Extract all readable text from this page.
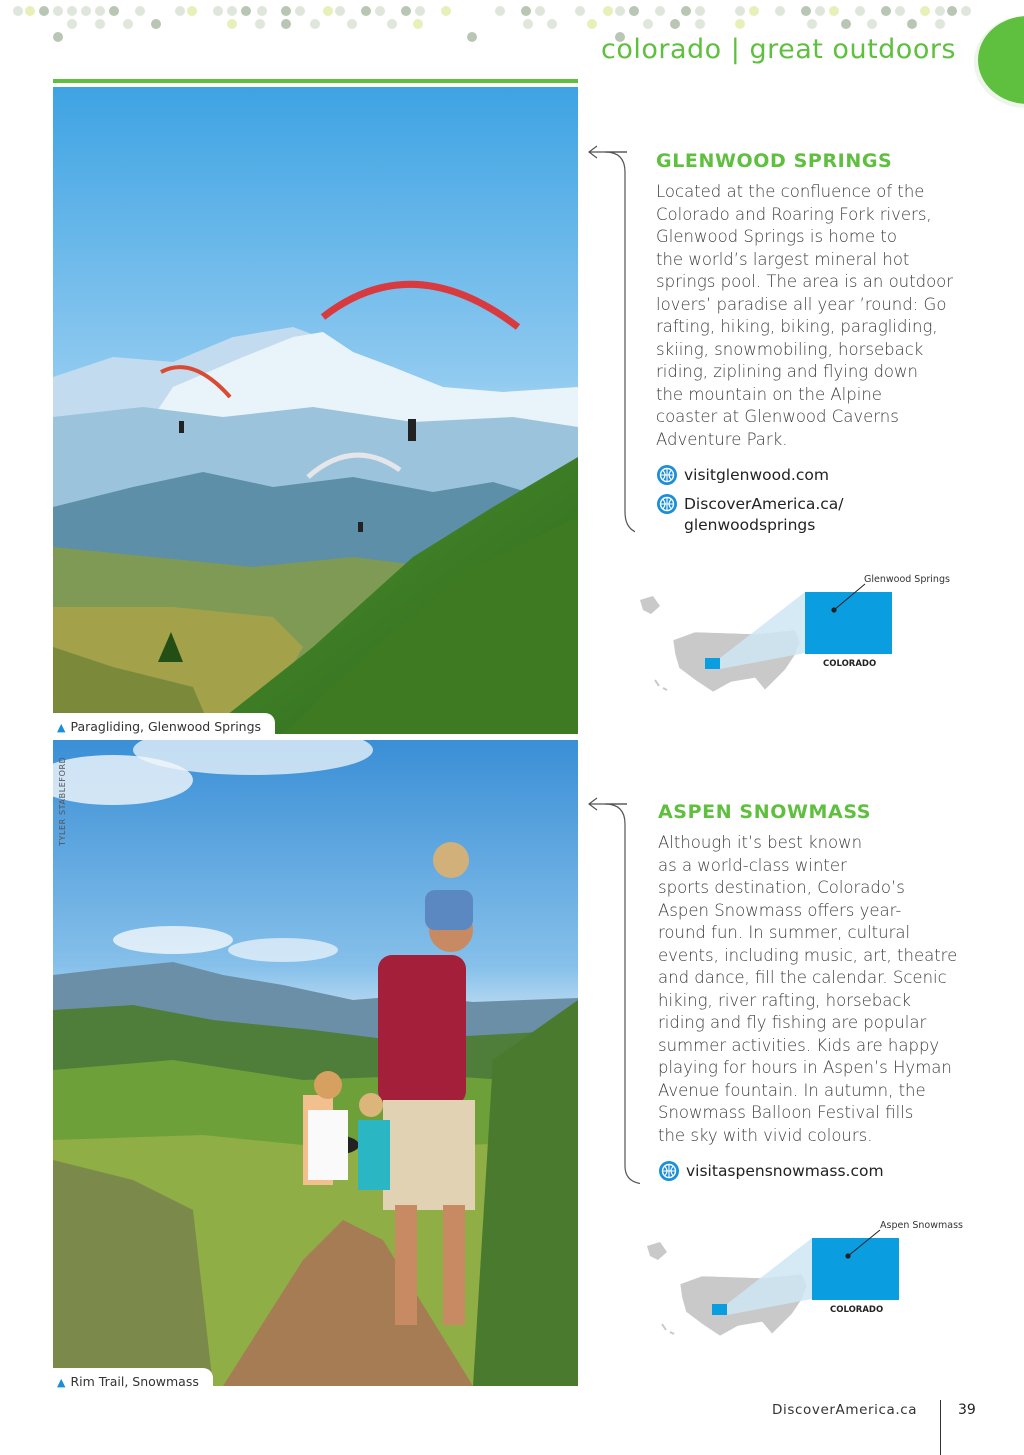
colorado | great outdoors
▲ Paragliding, Glenwood Springs
▲ Rim Trail, Snowmass
TYLER STABLEFORD
GLENWOOD SPRINGS

Located at the confluence of the
Colorado and Roaring Fork rivers,
Glenwood Springs is home to
the world’s largest mineral hot
springs pool. The area is an outdoor
lovers’ paradise all year ’round: Go
rafting, hiking, biking, paragliding,
skiing, snowmobiling, horseback
riding, ziplining and flying down
the mountain on the Alpine
coaster at Glenwood Caverns
Adventure Park.

visitglenwood.com
DiscoverAmerica.ca/
glenwoodsprings
Glenwood Springs
COLORADO
ASPEN SNOWMASS

Although it’s best known
as a world-class winter
sports destination, Colorado’s
Aspen Snowmass offers year-
round fun. In summer, cultural
events, including music, art, theatre
and dance, fill the calendar. Scenic
hiking, river rafting, horseback
riding and fly fishing are popular
summer activities. Kids are happy
playing for hours in Aspen’s Hyman
Avenue fountain. In autumn, the
Snowmass Balloon Festival fills
the sky with vivid colours.

visitaspensnowmass.com
Aspen Snowmass
COLORADO
DiscoverAmerica.ca	39
